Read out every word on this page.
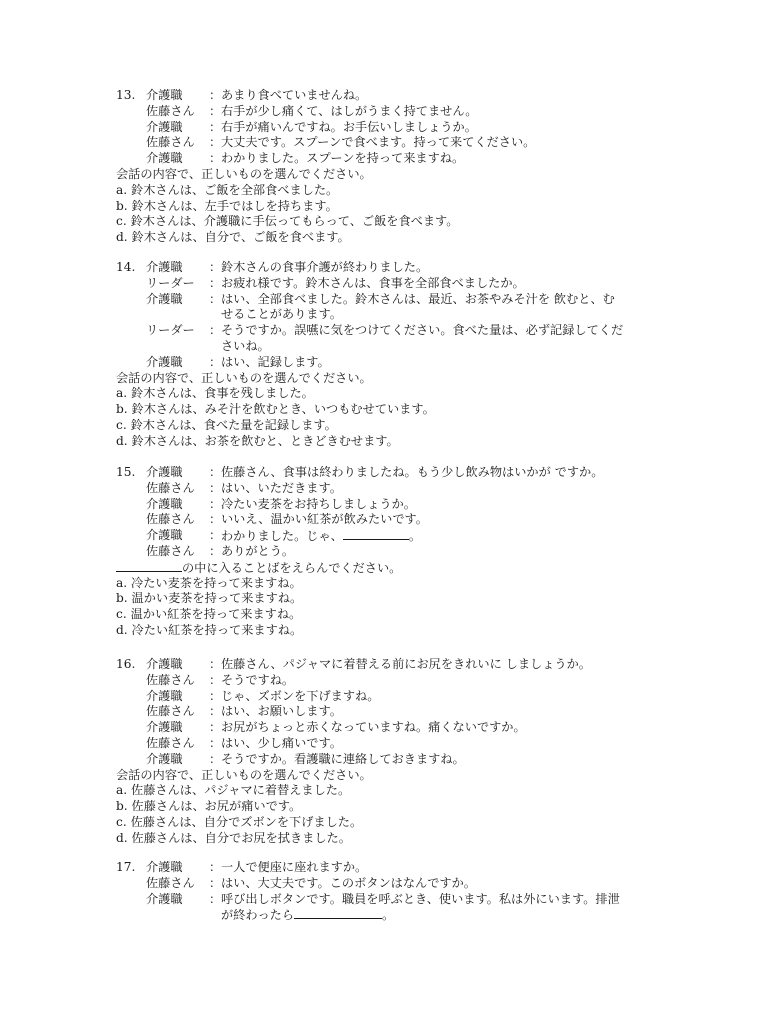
13. 介護職 ： あまり食べていませんね。
佐藤さん ： 右手が少し痛くて、はしがうまく持てません。
介護職 ： 右手が痛いんですね。お手伝いしましょうか。
佐藤さん ： 大丈夫です。スプーンで食べます。持って来てください。
介護職 ： わかりました。スプーンを持って来ますね。
会話の内容で、正しいものを選んでください。
a. 鈴木さんは、ご飯を全部食べました。
b. 鈴木さんは、左手ではしを持ちます。
c. 鈴木さんは、介護職に手伝ってもらって、ご飯を食べます。
d. 鈴木さんは、自分で、ご飯を食べます。
14. 介護職 ： 鈴木さんの食事介護が終わりました。
リーダー ： お疲れ様です。鈴木さんは、食事を全部食べましたか。
介護職 ： はい、全部食べました。鈴木さんは、最近、お茶やみそ汁を 飲むと、む
せることがあります。
リーダー ： そうですか。誤嚥に気をつけてください。食べた量は、必ず記録してくだ
さいね。
介護職 ： はい、記録します。
会話の内容で、正しいものを選んでください。
a. 鈴木さんは、食事を残しました。
b. 鈴木さんは、みそ汁を飲むとき、いつもむせています。
c. 鈴木さんは、食べた量を記録します。
d. 鈴木さんは、お茶を飲むと、ときどきむせます。
15. 介護職 ： 佐藤さん、食事は終わりましたね。もう少し飲み物はいかが ですか。
佐藤さん ： はい、いただきます。
介護職 ： 冷たい麦茶をお持ちしましょうか。
佐藤さん ： いいえ、温かい紅茶が飲みたいです。
介護職 ： わかりました。じゃ、	。
佐藤さん ： ありがとう。
の中に入ることばをえらんでください。
a. 冷たい麦茶を持って来ますね。
b. 温かい麦茶を持って来ますね。
c. 温かい紅茶を持って来ますね。
d. 冷たい紅茶を持って来ますね。
16. 介護職 ： 佐藤さん、パジャマに着替える前にお尻をきれいに しましょうか。
佐藤さん ： そうですね。
介護職 ： じゃ、ズボンを下げますね。
佐藤さん ： はい、お願いします。
介護職 ： お尻がちょっと赤くなっていますね。痛くないですか。
佐藤さん ： はい、少し痛いです。
介護職 ： そうですか。看護職に連絡しておきますね。
会話の内容で、正しいものを選んでください。
a. 佐藤さんは、パジャマに着替えました。
b. 佐藤さんは、お尻が痛いです。
c. 佐藤さんは、自分でズボンを下げました。
d. 佐藤さんは、自分でお尻を拭きました。
17. 介護職 ： 一人で便座に座れますか。
佐藤さん ： はい、大丈夫です。このボタンはなんですか。
介護職 ： 呼び出しボタンです。職員を呼ぶとき、使います。私は外にいます。排泄
が終わったら	。
